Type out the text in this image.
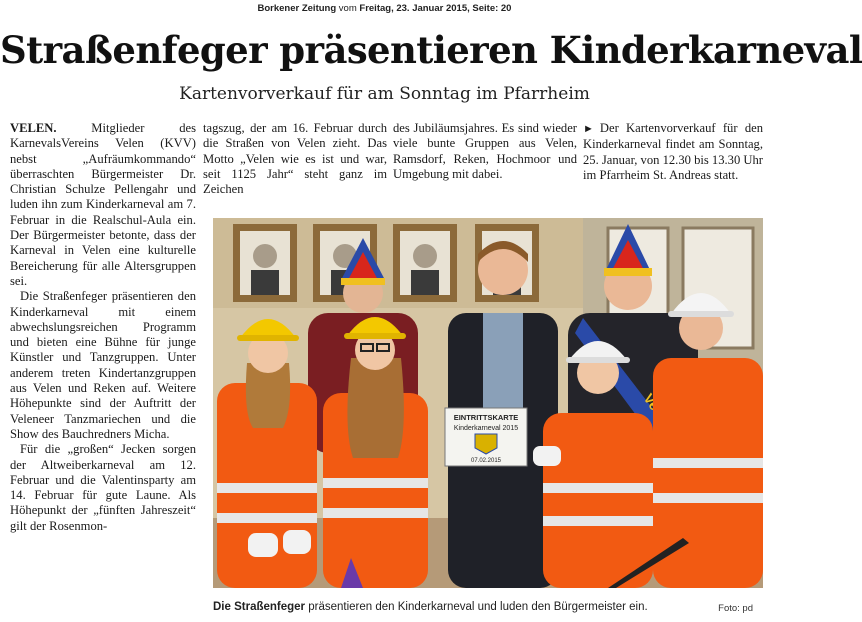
Borkener Zeitung vom Freitag, 23. Januar 2015, Seite: 20
Straßenfeger präsentieren Kinderkarneval
Kartenvorverkauf für am Sonntag im Pfarrheim

VELEN. Mitglieder des KarnevalsVereins Velen (KVV) nebst „Aufräumkommando“ überraschten Bürgermeister Dr. Christian Schulze Pellengahr und luden ihn zum Kinderkarneval am 7. Februar in die Realschul-Aula ein. Der Bürgermeister betonte, dass der Karneval in Velen eine kulturelle Bereicherung für alle Altersgruppen sei.

Die Straßenfeger präsentieren den Kinderkarneval mit einem abwechslungsreichen Programm und bieten eine Bühne für junge Künstler und Tanzgruppen. Unter anderem treten Kindertanzgruppen aus Velen und Reken auf. Weitere Höhepunkte sind der Auftritt der Veleneer Tanzmariechen und die Show des Bauchredners Micha.

Für die „großen“ Jecken sorgen der Altweiberkarneval am 12. Februar und die Valentinsparty am 14. Februar für gute Laune. Als Höhepunkt der „fünften Jahreszeit“ gilt der Rosenmon-

tagszug, der am 16. Februar durch die Straßen von Velen zieht. Das Motto „Velen wie es ist und war, seit 1125 Jahr“ steht ganz im Zeichen

des Jubiläumsjahres. Es sind wieder viele bunte Gruppen aus Velen, Ramsdorf, Reken, Hochmoor und Umgebung mit dabei.

► Der Kartenvorverkauf für den Kinderkarneval findet am Sonntag, 25. Januar, von 12.30 bis 13.30 Uhr im Pfarrheim St. Andreas statt.

EINTRITTSKARTE
Kinderkarneval 2015
07.02.2015
Die Straßenfeger präsentieren den Kinderkarneval und luden den Bürgermeister ein.	Foto: pd
